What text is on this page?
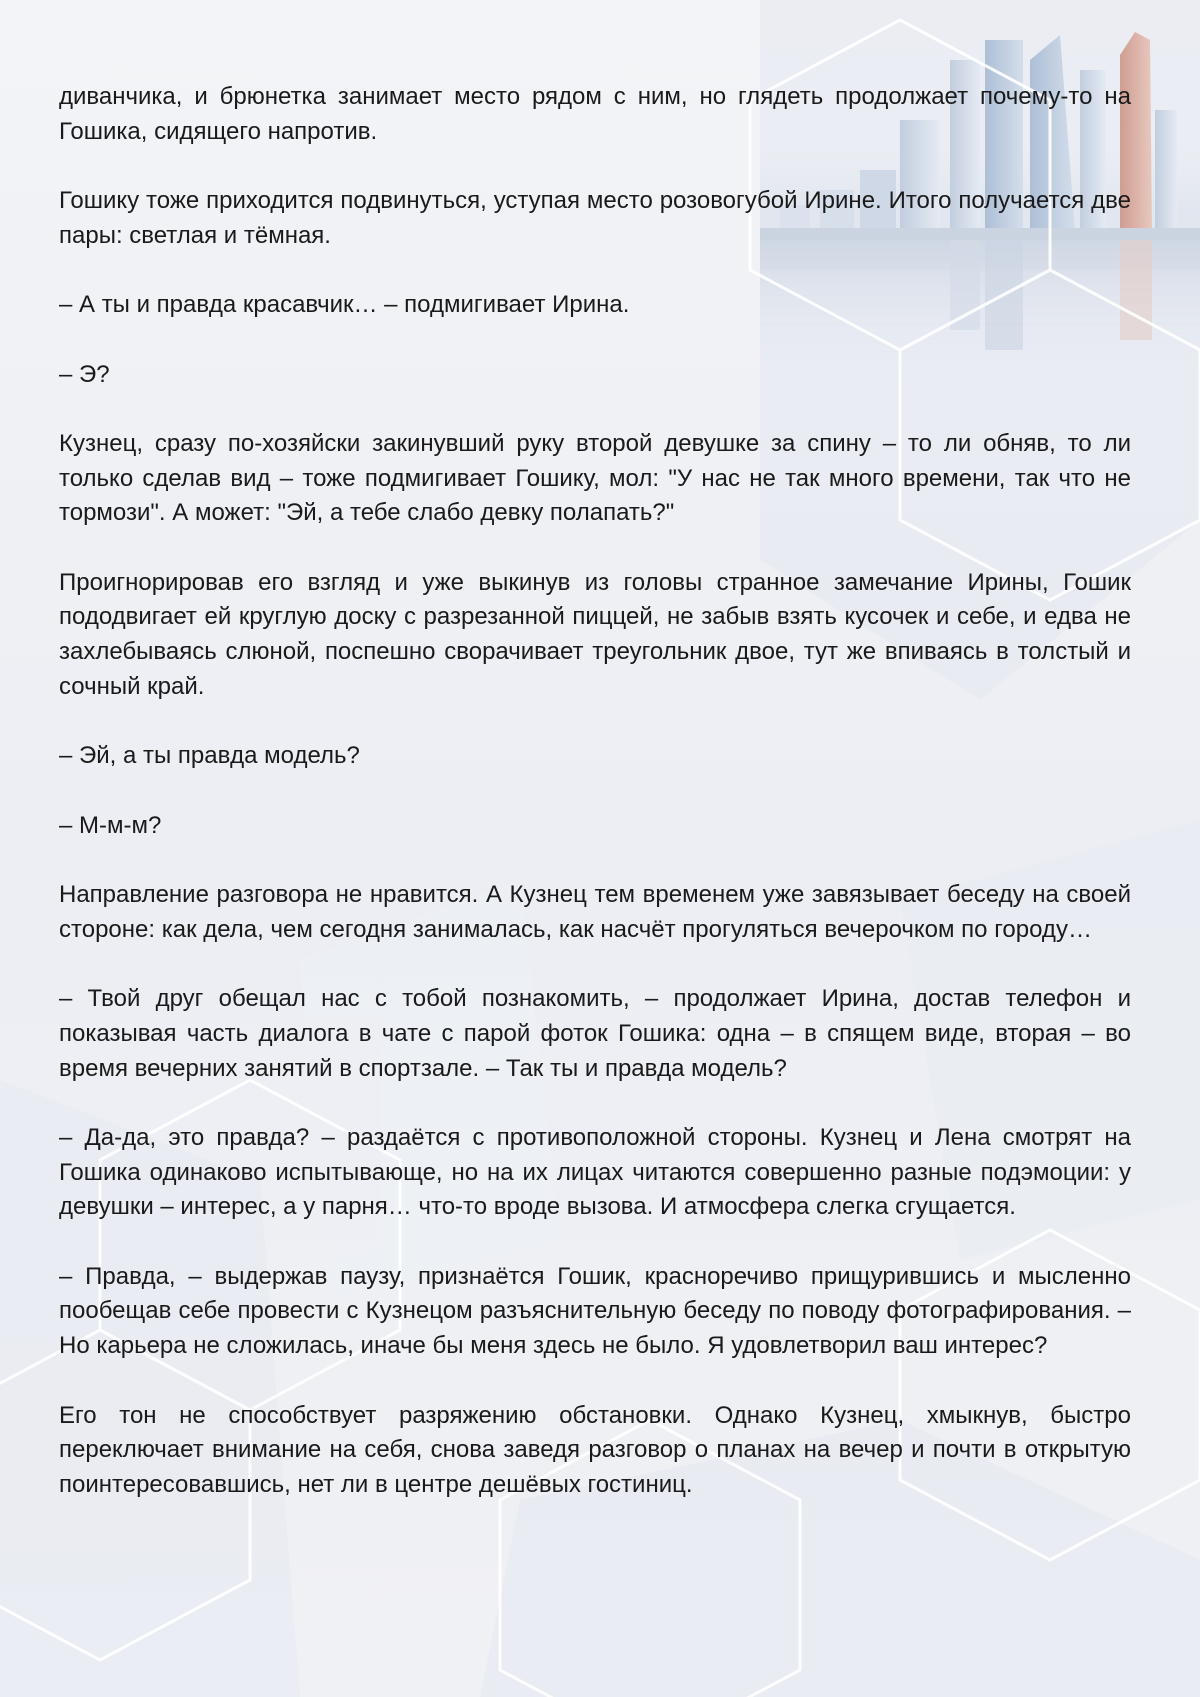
диванчика, и брюнетка занимает место рядом с ним, но глядеть продолжает почему-то на Гошика, сидящего напротив.

Гошику тоже приходится подвинуться, уступая место розовогубой Ирине. Итого получается две пары: светлая и тёмная.

– А ты и правда красавчик… – подмигивает Ирина.

– Э?

Кузнец, сразу по-хозяйски закинувший руку второй девушке за спину – то ли обняв, то ли только сделав вид – тоже подмигивает Гошику, мол: "У нас не так много времени, так что не тормози". А может: "Эй, а тебе слабо девку полапать?"

Проигнорировав его взгляд и уже выкинув из головы странное замечание Ирины, Гошик пододвигает ей круглую доску с разрезанной пиццей, не забыв взять кусочек и себе, и едва не захлебываясь слюной, поспешно сворачивает треугольник двое, тут же впиваясь в толстый и сочный край.

– Эй, а ты правда модель?

– М-м-м?

Направление разговора не нравится. А Кузнец тем временем уже завязывает беседу на своей стороне: как дела, чем сегодня занималась, как насчёт прогуляться вечерочком по городу…

– Твой друг обещал нас с тобой познакомить, – продолжает Ирина, достав телефон и показывая часть диалога в чате с парой фоток Гошика: одна – в спящем виде, вторая – во время вечерних занятий в спортзале. – Так ты и правда модель?

– Да-да, это правда? – раздаётся с противоположной стороны. Кузнец и Лена смотрят на Гошика одинаково испытывающе, но на их лицах читаются совершенно разные подэмоции: у девушки – интерес, а у парня… что-то вроде вызова. И атмосфера слегка сгущается.

– Правда, – выдержав паузу, признаётся Гошик, красноречиво прищурившись и мысленно пообещав себе провести с Кузнецом разъяснительную беседу по поводу фотографирования. – Но карьера не сложилась, иначе бы меня здесь не было. Я удовлетворил ваш интерес?

Его тон не способствует разряжению обстановки. Однако Кузнец, хмыкнув, быстро переключает внимание на себя, снова заведя разговор о планах на вечер и почти в открытую поинтересовавшись, нет ли в центре дешёвых гостиниц.
